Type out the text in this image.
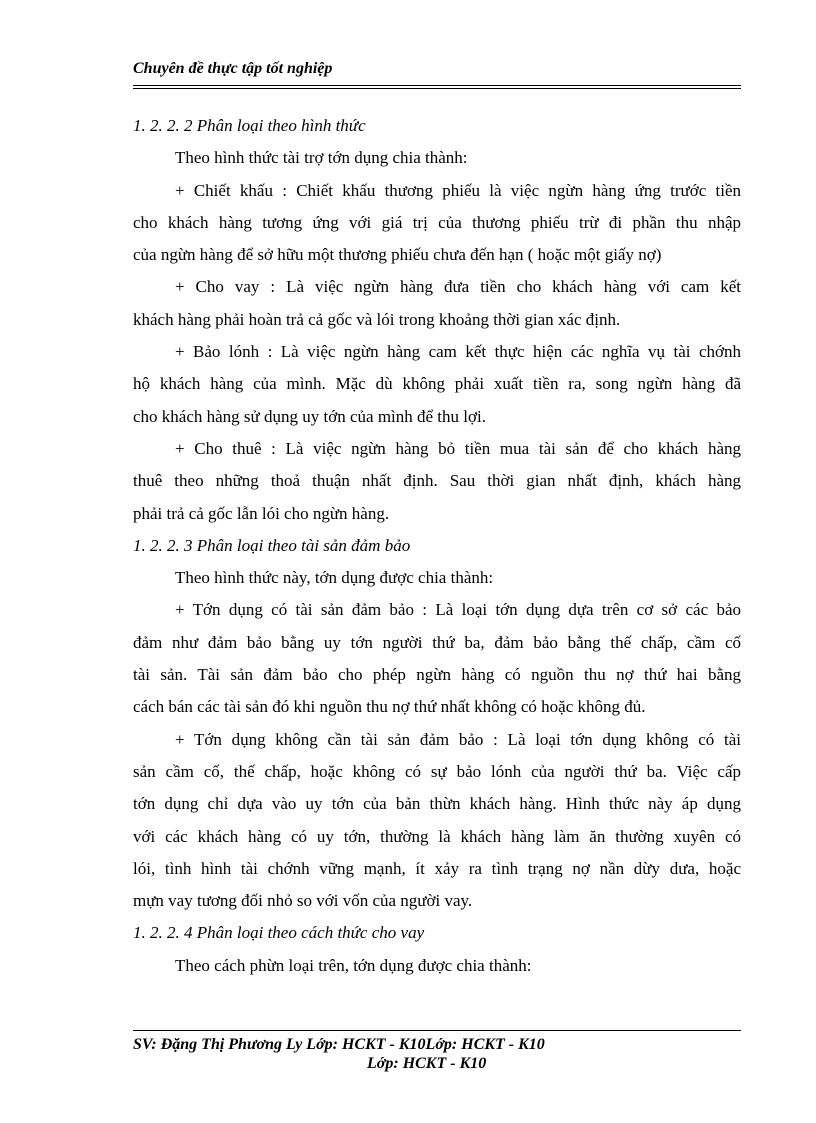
Chuyên đề thực tập tốt nghiệp
1. 2. 2. 2 Phân loại theo hình thức
Theo hình thức tài trợ tớn dụng chia thành:
+ Chiết khấu : Chiết khấu thương phiếu là việc ngừn hàng ứng trước tiền
cho khách hàng tương ứng với giá trị của thương phiếu trừ đi phần thu nhập
của ngừn hàng để sở hữu một thương phiếu chưa đến hạn ( hoặc một giấy nợ)
+ Cho vay : Là việc ngừn hàng đưa tiền cho khách hàng với cam kết
khách hàng phải hoàn trả cả gốc và lói trong khoảng thời gian xác định.
+ Bảo lónh : Là việc ngừn hàng cam kết thực hiện các nghĩa vụ tài chớnh
hộ khách hàng của mình. Mặc dù không phải xuất tiền ra, song ngừn hàng đã
cho khách hàng sử dụng uy tớn của mình để thu lợi.
+ Cho thuê : Là việc ngừn hàng bỏ tiền mua tài sản để cho khách hàng
thuê theo những thoả thuận nhất định. Sau thời gian nhất định, khách hàng
phải trả cả gốc lẫn lói cho ngừn hàng.
1. 2. 2. 3 Phân loại theo tài sản đảm bảo
Theo hình thức này, tớn dụng được chia thành:
+ Tớn dụng có tài sản đảm bảo : Là loại tớn dụng dựa trên cơ sở các bảo
đảm như đảm bảo bằng uy tớn người thứ ba, đảm bảo bằng thế chấp, cầm cố
tài sản. Tài sản đảm bảo cho phép ngừn hàng có nguồn thu nợ thứ hai bằng
cách bán các tài sản đó khi nguồn thu nợ thứ nhất không có hoặc không đủ.
+ Tớn dụng không cần tài sản đảm bảo : Là loại tớn dụng không có tài
sản cầm cố, thế chấp, hoặc không có sự bảo lónh của người thứ ba. Việc cấp
tớn dụng chỉ dựa vào uy tớn của bản thừn khách hàng. Hình thức này áp dụng
với các khách hàng có uy tớn, thường là khách hàng làm ăn thường xuyên có
lói, tình hình tài chớnh vững mạnh, ít xảy ra tình trạng nợ nần dừy dưa, hoặc
mựn vay tương đối nhỏ so với vốn của người vay.
1. 2. 2. 4 Phân loại theo cách thức cho vay
Theo cách phừn loại trên, tớn dụng được chia thành:
SV: Đặng Thị Phương Ly Lớp: HCKT - K10Lớp: HCKT - K10
Lớp: HCKT - K10
